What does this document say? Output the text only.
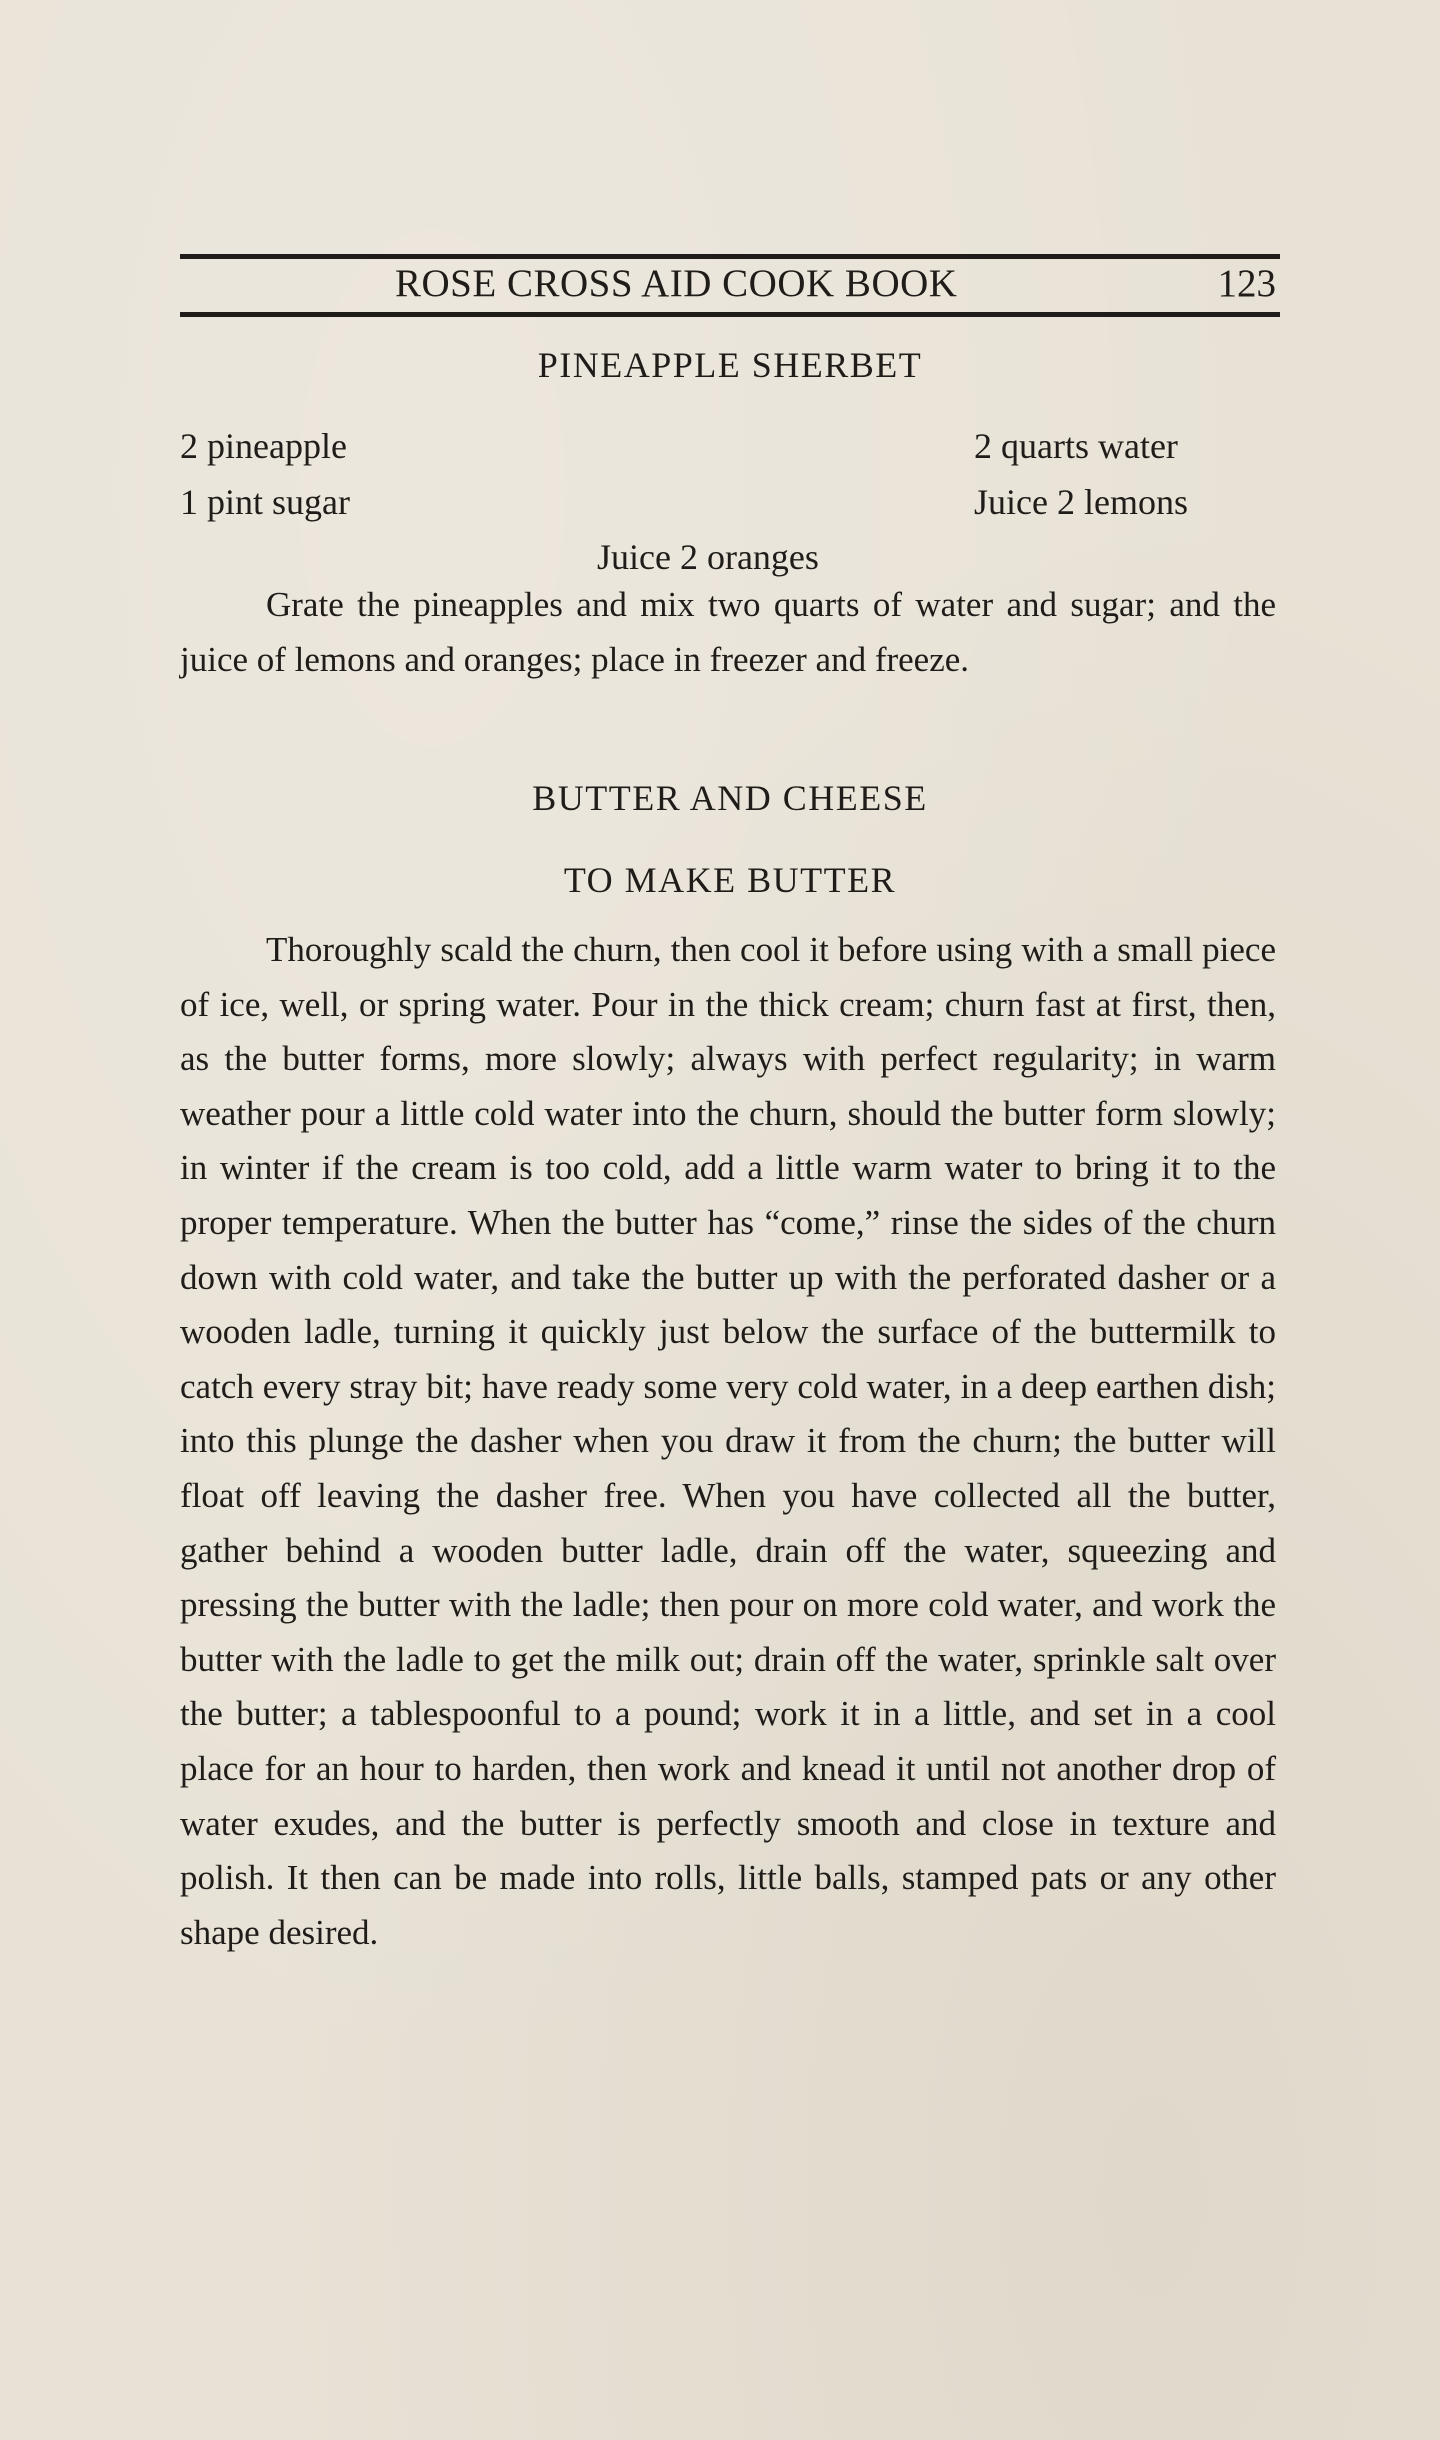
ROSE CROSS AID COOK BOOK	123
PINEAPPLE SHERBET
2 pineapple	2 quarts water
1 pint sugar	Juice 2 lemons
Juice 2 oranges

Grate the pineapples and mix two quarts of water and sugar; and the juice of lemons and oranges; place in freezer and freeze.

BUTTER AND CHEESE
TO MAKE BUTTER

Thoroughly scald the churn, then cool it before using with a small piece of ice, well, or spring water. Pour in the thick cream; churn fast at first, then, as the butter forms, more slowly; always with perfect regularity; in warm weather pour a little cold water into the churn, should the butter form slowly; in winter if the cream is too cold, add a little warm water to bring it to the proper temperature. When the butter has “come,” rinse the sides of the churn down with cold water, and take the butter up with the perforated dasher or a wooden ladle, turning it quickly just below the surface of the buttermilk to catch every stray bit; have ready some very cold water, in a deep earthen dish; into this plunge the dasher when you draw it from the churn; the butter will float off leaving the dasher free. When you have collected all the butter, gather behind a wooden butter ladle, drain off the water, squeezing and pressing the butter with the ladle; then pour on more cold water, and work the butter with the ladle to get the milk out; drain off the water, sprinkle salt over the butter; a tablespoonful to a pound; work it in a little, and set in a cool place for an hour to harden, then work and knead it until not another drop of water exudes, and the butter is perfectly smooth and close in texture and polish. It then can be made into rolls, little balls, stamped pats or any other shape desired.
